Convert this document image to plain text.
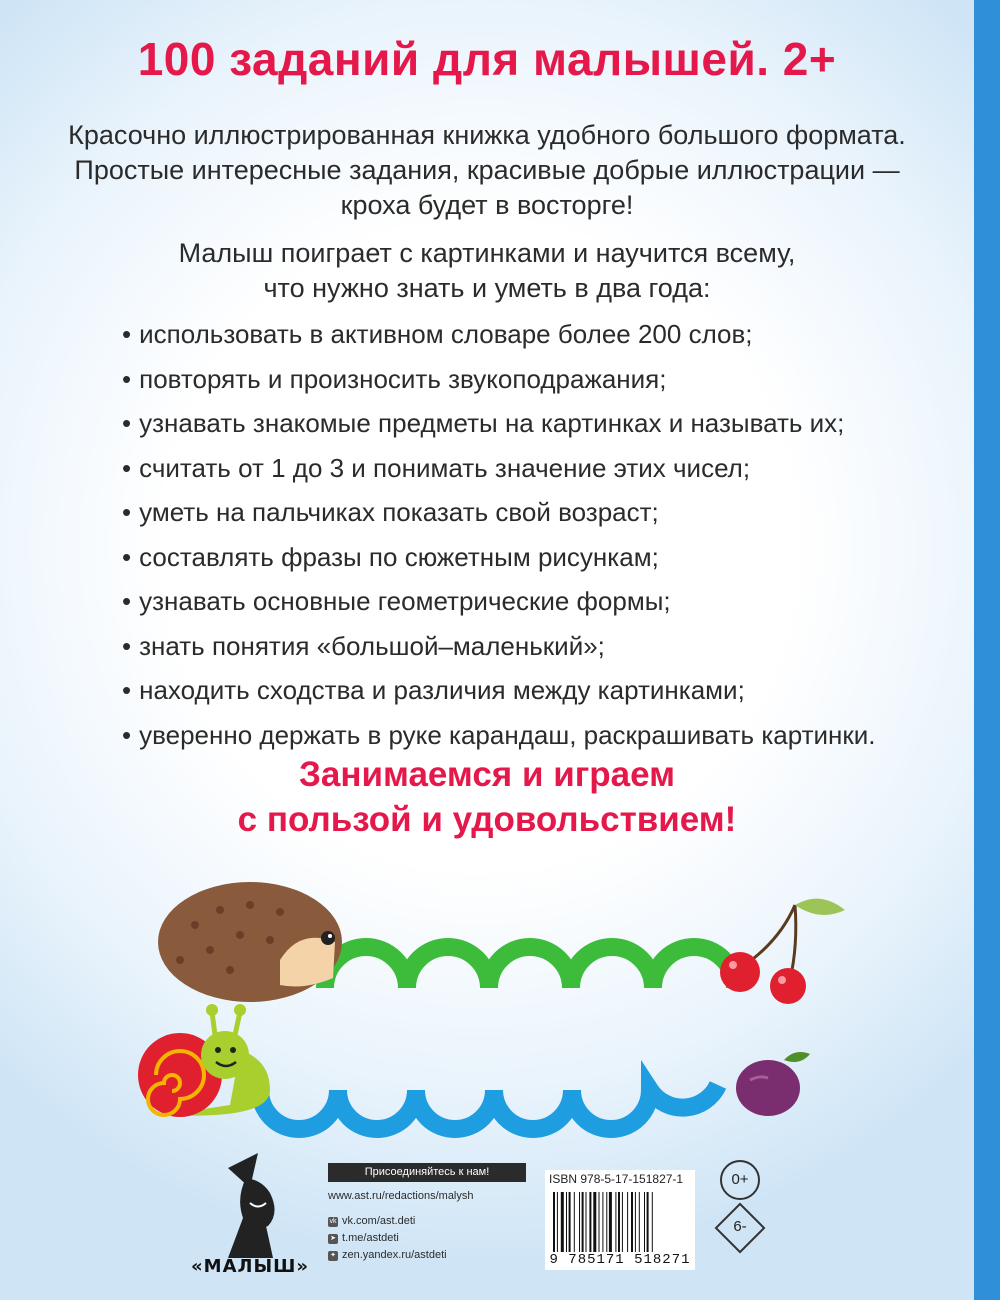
100 заданий для малышей. 2+
Красочно иллюстрированная книжка удобного большого формата.
Простые интересные задания, красивые добрые иллюстрации —
кроха будет в восторге!
Малыш поиграет с картинками и научится всему,
что нужно знать и уметь в два года:
• использовать в активном словаре более 200 слов;
• повторять и произносить звукоподражания;
• узнавать знакомые предметы на картинках и называть их;
• считать от 1 до 3 и понимать значение этих чисел;
• уметь на пальчиках показать свой возраст;
• составлять фразы по сюжетным рисункам;
• узнавать основные геометрические формы;
• знать понятия «большой–маленький»;
• находить сходства и различия между картинками;
• уверенно держать в руке карандаш, раскрашивать картинки.
Занимаемся и играем
с пользой и удовольствием!
«МАЛЫШ»
Присоединяйтесь к нам!
www.ast.ru/redactions/malysh
vk vk.com/ast.deti
➤ t.me/astdeti
✦ zen.yandex.ru/astdeti
ISBN 978-5-17-151827-1
9 785171 518271
0+
6-
